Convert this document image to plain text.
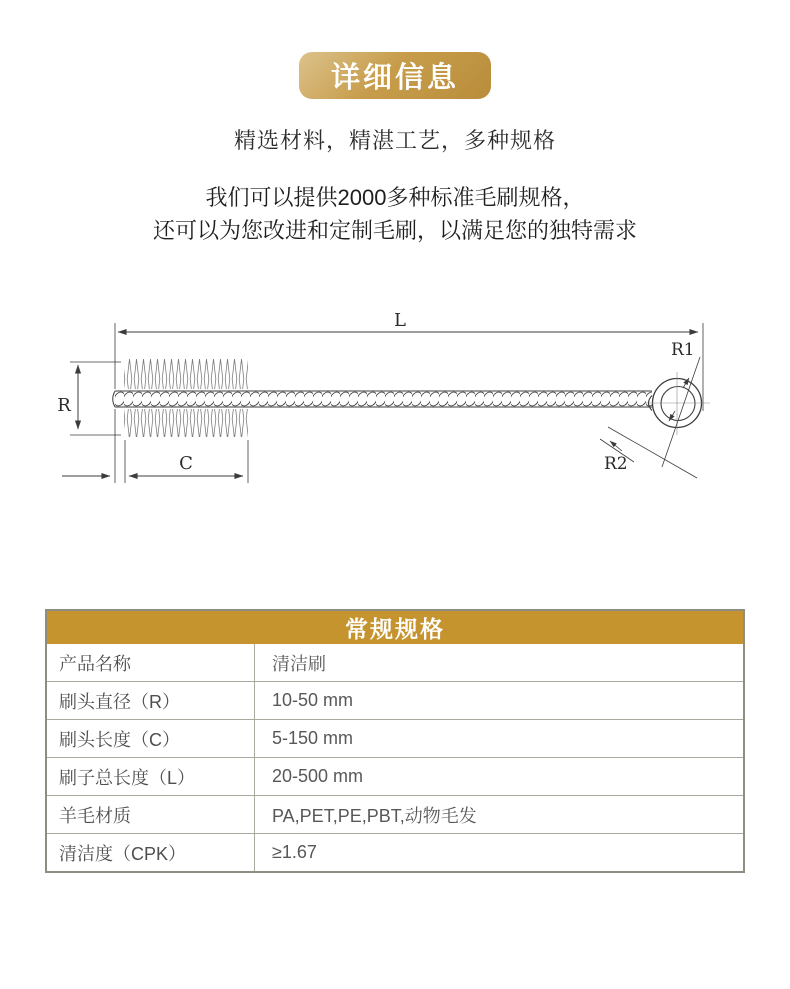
详细信息
精选材料，精湛工艺，多种规格
我们可以提供2000多种标准毛刷规格，
还可以为您改进和定制毛刷，以满足您的独特需求
L
R
C
R1
R2
常规规格
产品名称	清洁刷
刷头直径（R）	10-50 mm
刷头长度（C）	5-150 mm
刷子总长度（L）	20-500 mm
羊毛材质	PA,PET,PE,PBT,动物毛发
清洁度（CPK）	≥1.67
